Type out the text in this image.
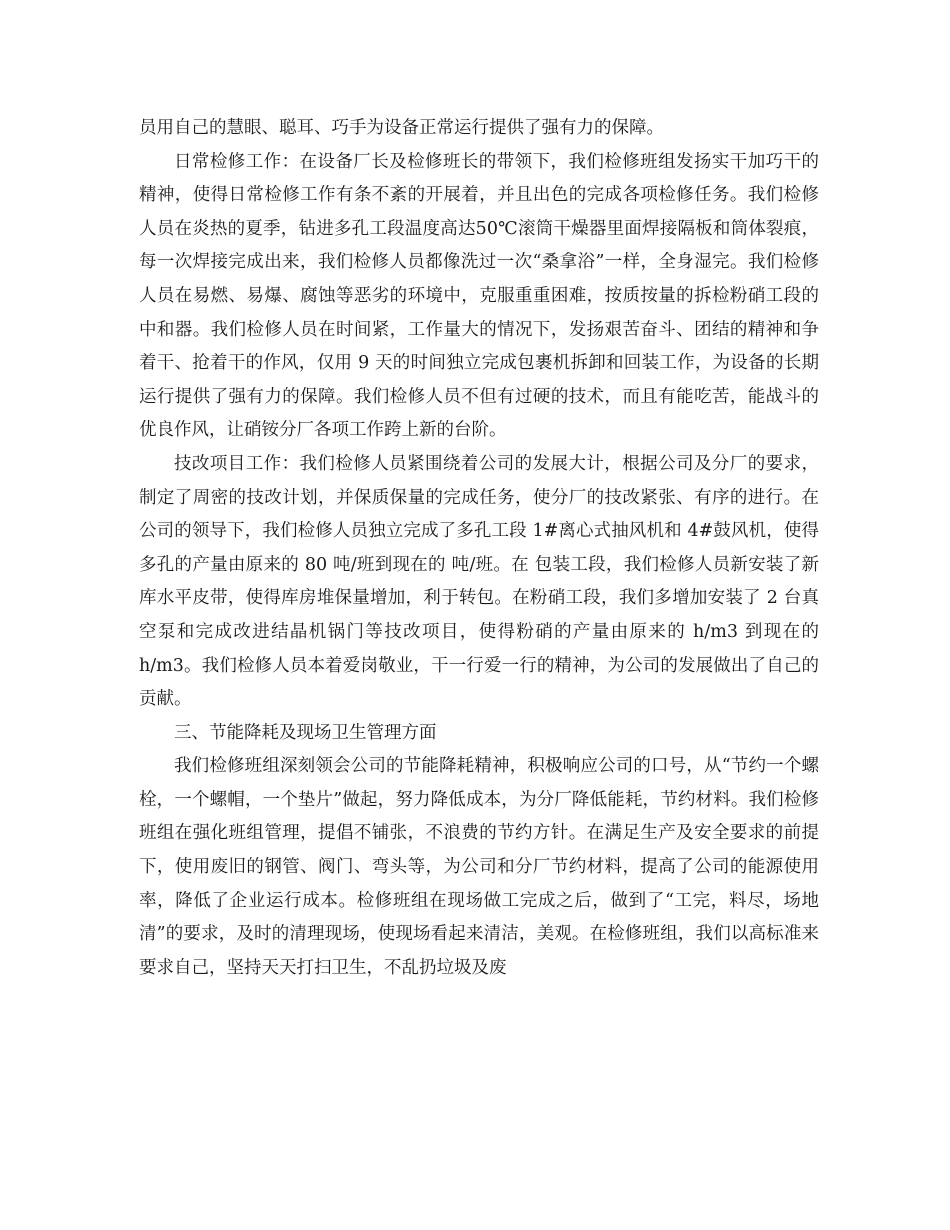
员用自己的慧眼、聪耳、巧手为设备正常运行提供了强有力的保障。

日常检修工作：在设备厂长及检修班长的带领下，我们检修班组发扬实干加巧干的精神，使得日常检修工作有条不紊的开展着，并且出色的完成各项检修任务。我们检修人员在炎热的夏季，钻进多孔工段温度高达50℃滚筒干燥器里面焊接隔板和筒体裂痕，每一次焊接完成出来，我们检修人员都像洗过一次“桑拿浴”一样，全身湿完。我们检修人员在易燃、易爆、腐蚀等恶劣的环境中，克服重重困难，按质按量的拆检粉硝工段的中和器。我们检修人员在时间紧，工作量大的情况下，发扬艰苦奋斗、团结的精神和争着干、抢着干的作风，仅用 9 天的时间独立完成包裹机拆卸和回装工作，为设备的长期运行提供了强有力的保障。我们检修人员不但有过硬的技术，而且有能吃苦，能战斗的优良作风，让硝铵分厂各项工作跨上新的台阶。

技改项目工作：我们检修人员紧围绕着公司的发展大计，根据公司及分厂的要求，制定了周密的技改计划，并保质保量的完成任务，使分厂的技改紧张、有序的进行。在公司的领导下，我们检修人员独立完成了多孔工段 1#离心式抽风机和 4#鼓风机，使得多孔的产量由原来的 80 吨/班到现在的 吨/班。在 包装工段，我们检修人员新安装了新库水平皮带，使得库房堆保量增加，利于转包。在粉硝工段，我们多增加安装了 2 台真空泵和完成改进结晶机锅门等技改项目，使得粉硝的产量由原来的 h/m3 到现在的 h/m3。我们检修人员本着爱岗敬业，干一行爱一行的精神，为公司的发展做出了自己的贡献。

三、节能降耗及现场卫生管理方面

我们检修班组深刻领会公司的节能降耗精神，积极响应公司的口号，从“节约一个螺栓，一个螺帽，一个垫片”做起，努力降低成本，为分厂降低能耗，节约材料。我们检修班组在强化班组管理，提倡不铺张，不浪费的节约方针。在满足生产及安全要求的前提下，使用废旧的钢管、阀门、弯头等，为公司和分厂节约材料，提高了公司的能源使用率，降低了企业运行成本。检修班组在现场做工完成之后，做到了“工完，料尽，场地清”的要求，及时的清理现场，使现场看起来清洁，美观。在检修班组，我们以高标准来要求自己，坚持天天打扫卫生，不乱扔垃圾及废
